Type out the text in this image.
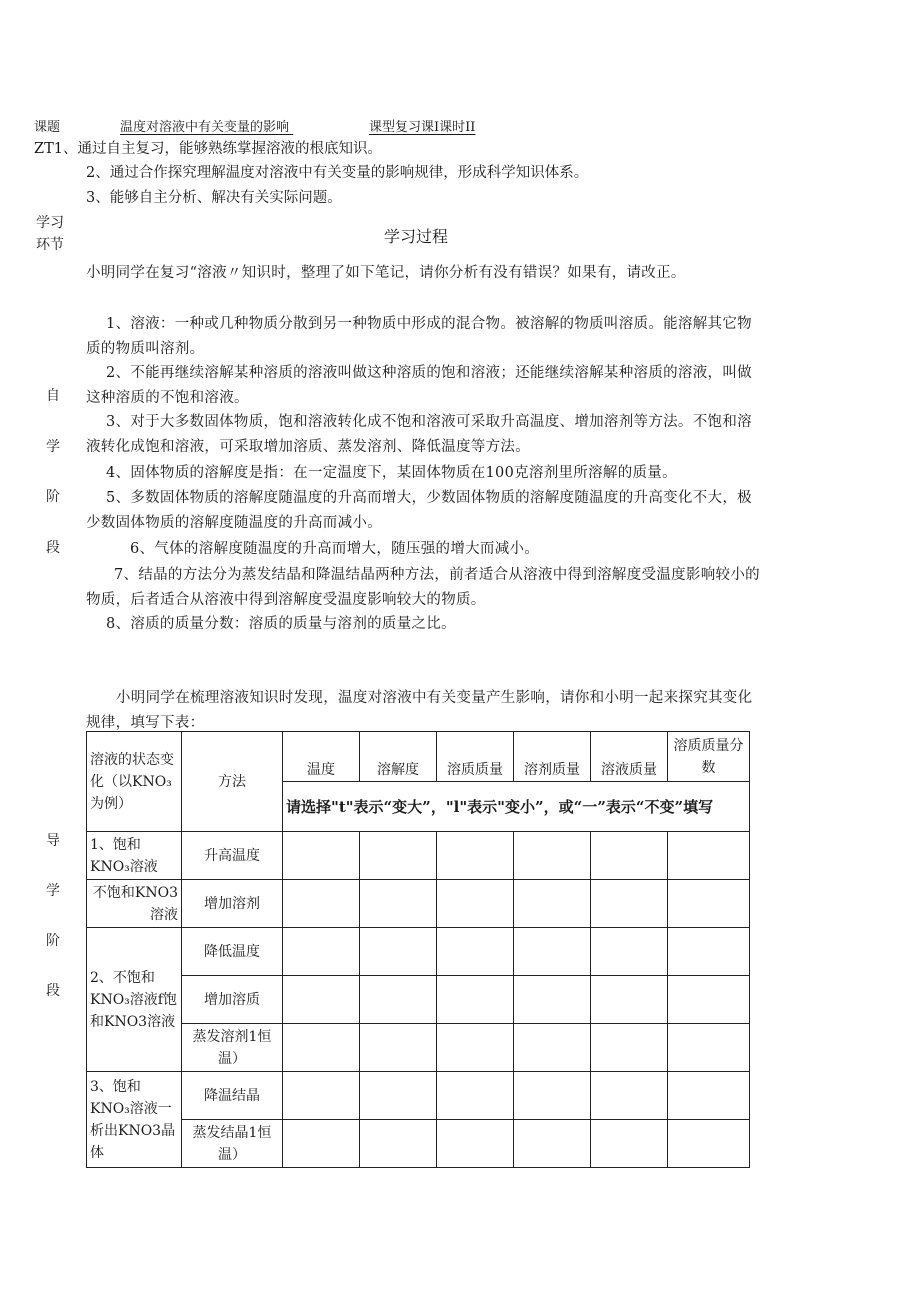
课题	温度对溶液中有关变量的影响	课型复习课I课时II
ZT1、通过自主复习，能够熟练掌握溶液的根底知识。
2、通过合作探究理解温度对溶液中有关变量的影响规律，形成科学知识体系。
3、能够自主分析、解决有关实际问题。
学习
环节	学习过程
小明同学在复习“溶液〃知识时，整理了如下笔记，请你分析有没有错误？如果有，请改正。
1、溶液：一种或几种物质分散到另一种物质中形成的混合物。被溶解的物质叫溶质。能溶解其它物质的物质叫溶剂。
2、不能再继续溶解某种溶质的溶液叫做这种溶质的饱和溶液；还能继续溶解某种溶质的溶液，叫做这种溶质的不饱和溶液。
3、对于大多数固体物质，饱和溶液转化成不饱和溶液可采取升高温度、增加溶剂等方法。不饱和溶液转化成饱和溶液，可采取增加溶质、蒸发溶剂、降低温度等方法。
4、固体物质的溶解度是指：在一定温度下，某固体物质在100克溶剂里所溶解的质量。
5、多数固体物质的溶解度随温度的升高而增大，少数固体物质的溶解度随温度的升高变化不大，极少数固体物质的溶解度随温度的升高而减小。
6、气体的溶解度随温度的升高而增大，随压强的增大而减小。
7、结晶的方法分为蒸发结晶和降温结晶两种方法，前者适合从溶液中得到溶解度受温度影响较小的物质，后者适合从溶液中得到溶解度受温度影响较大的物质。
8、溶质的质量分数：溶质的质量与溶剂的质量之比。
自
学
阶
段
小明同学在梳理溶液知识时发现，温度对溶液中有关变量产生影响，请你和小明一起来探究其变化规律，填写下表：
导
学
阶
段
溶液的状态变化（以KNO₃为例）	方法	温度	溶解度	溶质质量	溶剂质量	溶液质量	溶质质量分数
		请选择"t"表示“变大”，"l"表示"变小”，或“一”表示“不变”填写					
1、饱和KNO₃溶液	升高温度						
不饱和KNO3溶液	增加溶剂						
2、不饱和KNO₃溶液f饱和KNO3溶液	降低温度						
	增加溶质						
	蒸发溶剂1恒温）						
3、饱和KNO₃溶液一析出KNO3晶体	降温结晶						
	蒸发结晶1恒温）						
